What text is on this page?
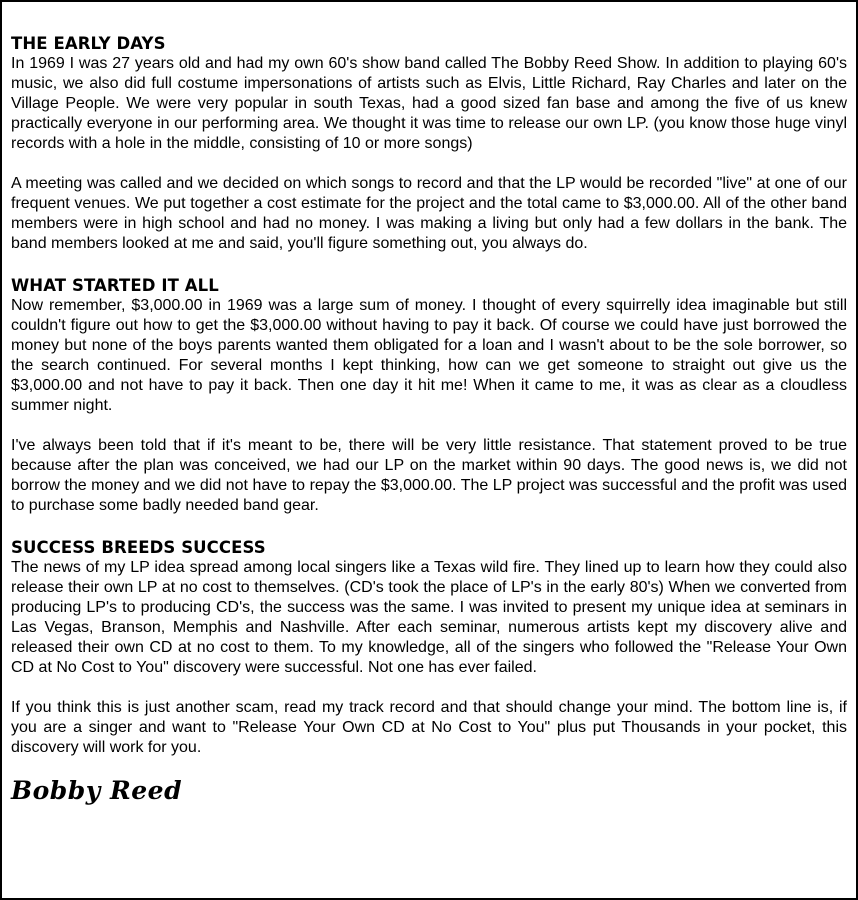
THE EARLY DAYS

In 1969 I was 27 years old and had my own 60's show band called The Bobby Reed Show. In addition to playing 60's music, we also did full costume impersonations of artists such as Elvis, Little Richard, Ray Charles and later on the Village People. We were very popular in south Texas, had a good sized fan base and among the five of us knew practically everyone in our performing area. We thought it was time to release our own LP. (you know those huge vinyl records with a hole in the middle, consisting of 10 or more songs)

A meeting was called and we decided on which songs to record and that the LP would be recorded "live" at one of our frequent venues. We put together a cost estimate for the project and the total came to $3,000.00. All of the other band members were in high school and had no money. I was making a living but only had a few dollars in the bank. The band members looked at me and said, you'll figure something out, you always do.

WHAT STARTED IT ALL

Now remember, $3,000.00 in 1969 was a large sum of money. I thought of every squirrelly idea imaginable but still couldn't figure out how to get the $3,000.00 without having to pay it back. Of course we could have just borrowed the money but none of the boys parents wanted them obligated for a loan and I wasn't about to be the sole borrower, so the search continued. For several months I kept thinking, how can we get someone to straight out give us the $3,000.00 and not have to pay it back. Then one day it hit me! When it came to me, it was as clear as a cloudless summer night.

I've always been told that if it's meant to be, there will be very little resistance. That statement proved to be true because after the plan was conceived, we had our LP on the market within 90 days. The good news is, we did not borrow the money and we did not have to repay the $3,000.00. The LP project was successful and the profit was used to purchase some badly needed band gear.

SUCCESS BREEDS SUCCESS

The news of my LP idea spread among local singers like a Texas wild fire. They lined up to learn how they could also release their own LP at no cost to themselves. (CD's took the place of LP's in the early 80's) When we converted from producing LP's to producing CD's, the success was the same. I was invited to present my unique idea at seminars in Las Vegas, Branson, Memphis and Nashville. After each seminar, numerous artists kept my discovery alive and released their own CD at no cost to them. To my knowledge, all of the singers who followed the "Release Your Own CD at No Cost to You" discovery were successful. Not one has ever failed.

If you think this is just another scam, read my track record and that should change your mind. The bottom line is, if you are a singer and want to "Release Your Own CD at No Cost to You" plus put Thousands in your pocket, this discovery will work for you.

Bobby Reed
